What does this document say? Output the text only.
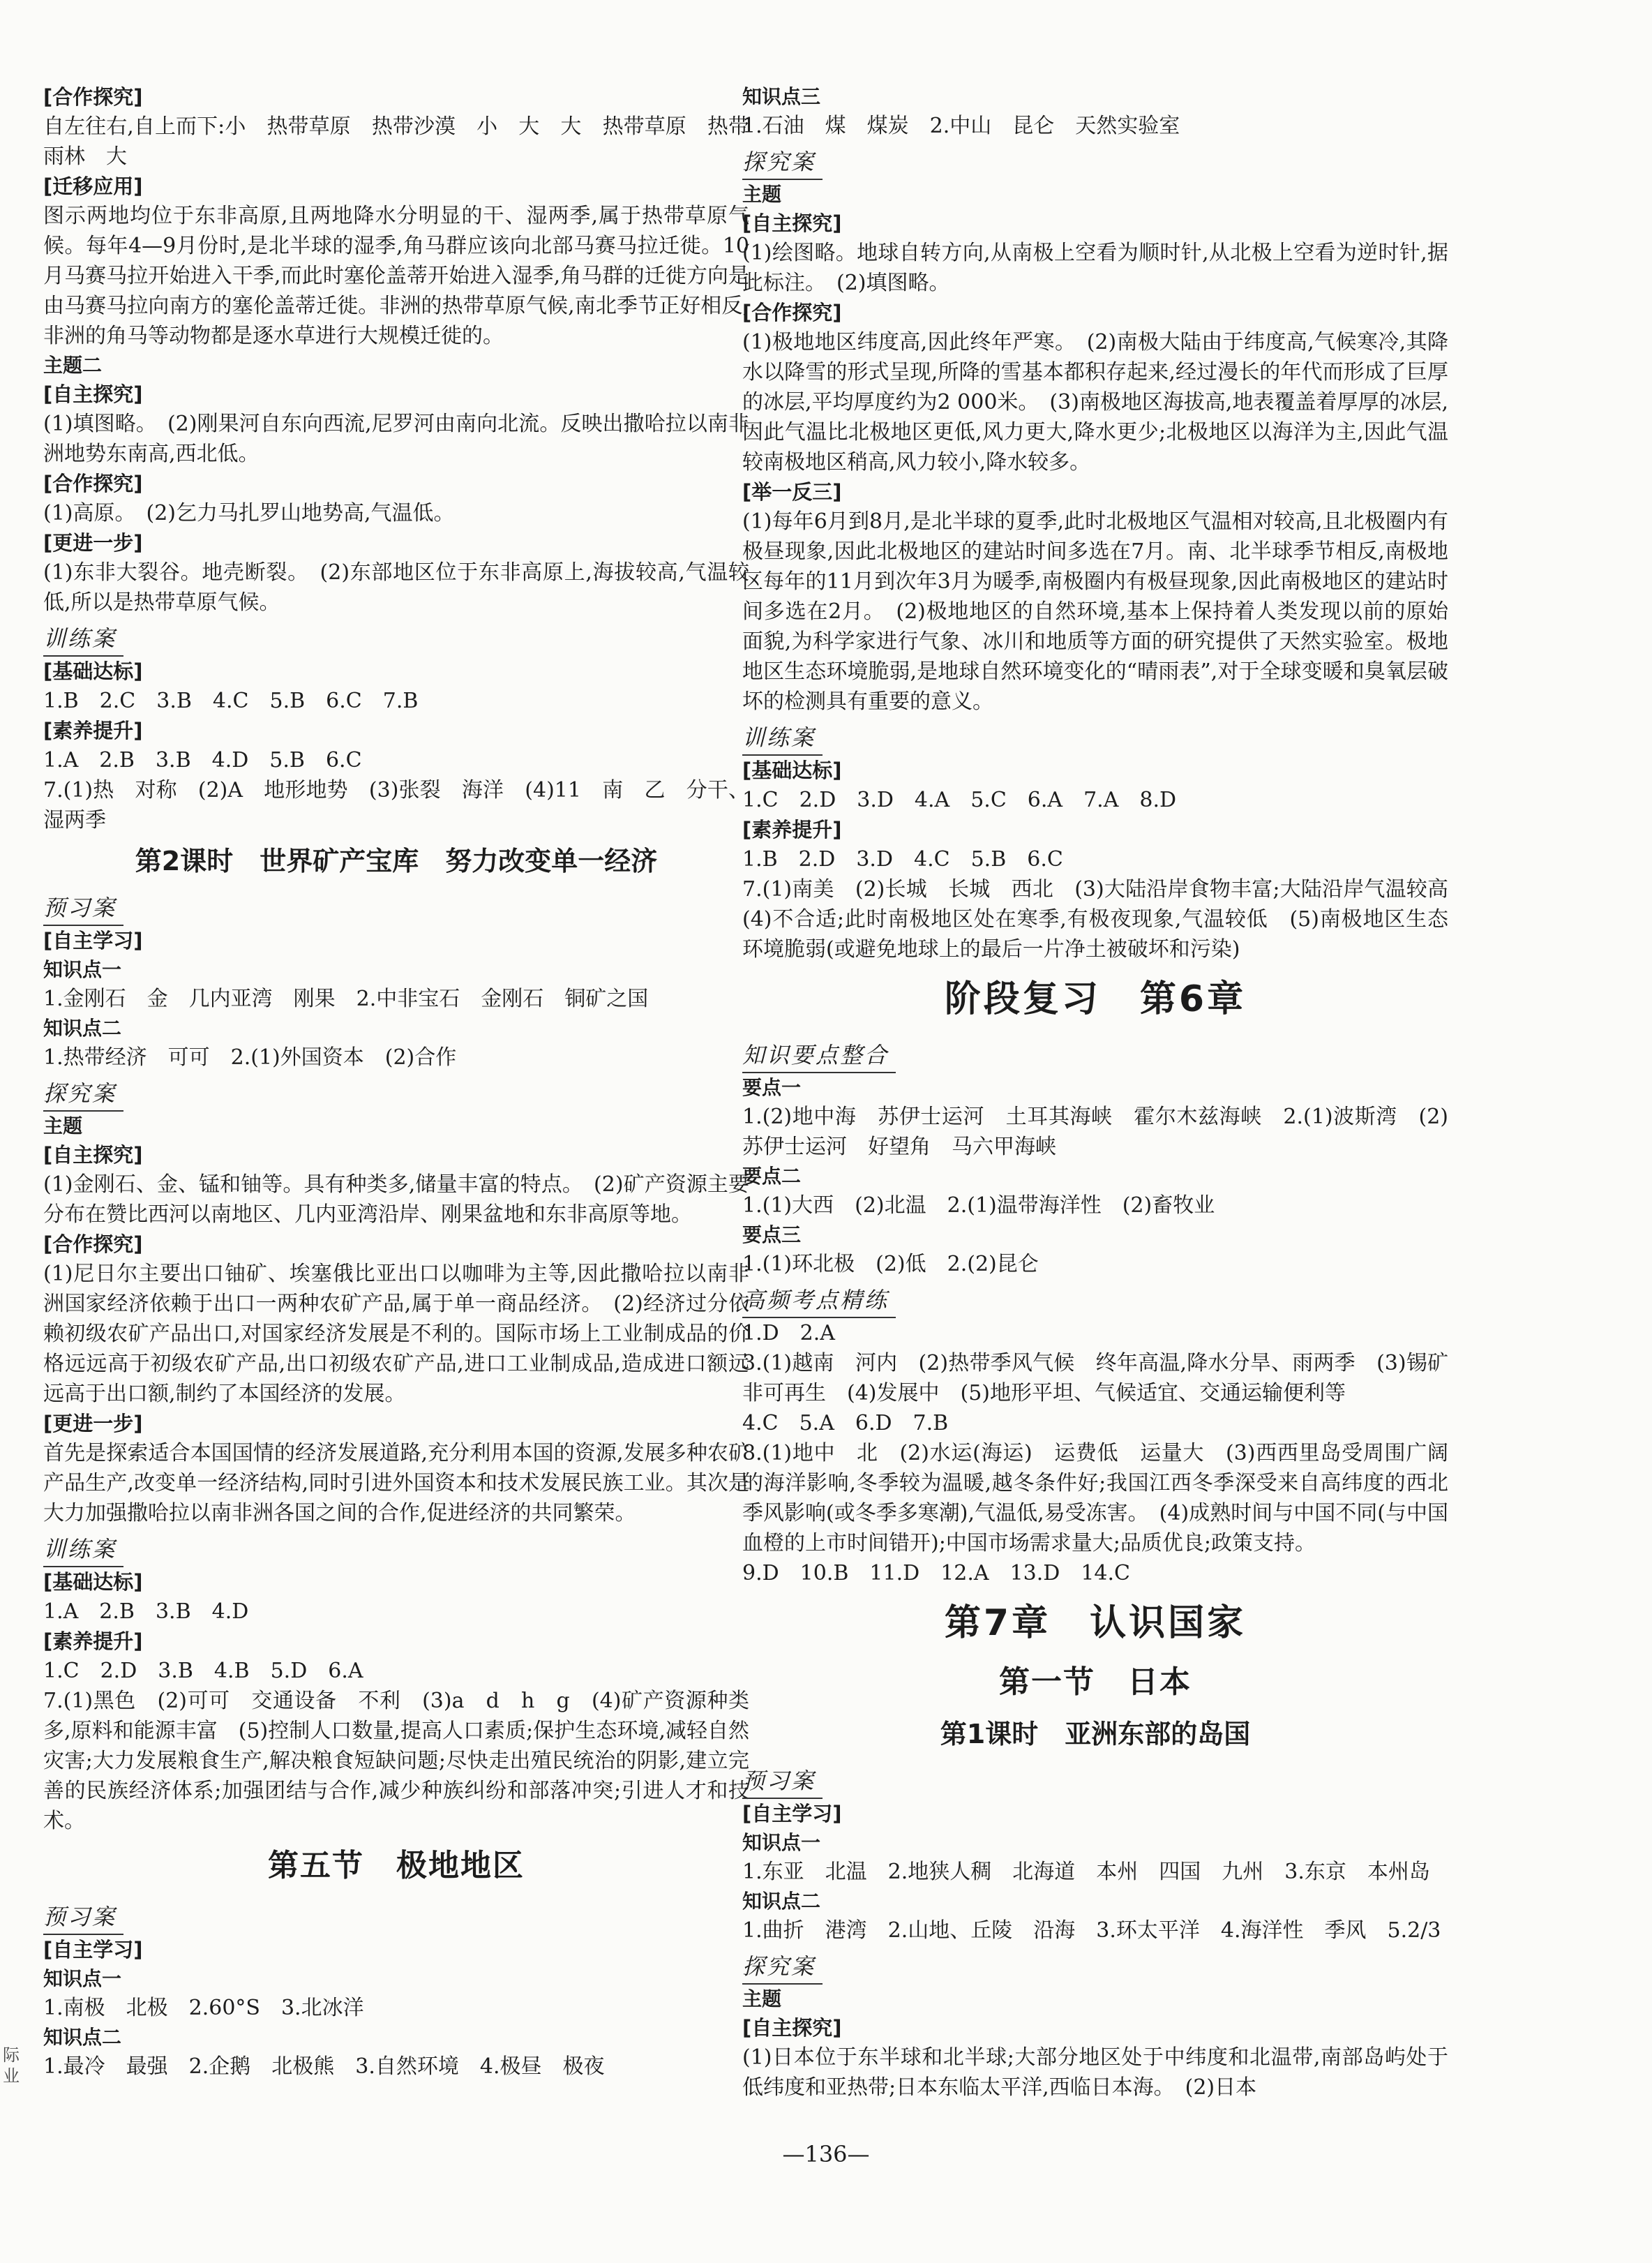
[合作探究]
自左往右,自上而下:小　热带草原　热带沙漠　小　大　大　热带草原　热带雨林　大
[迁移应用]
图示两地均位于东非高原,且两地降水分明显的干、湿两季,属于热带草原气候。每年4—9月份时,是北半球的湿季,角马群应该向北部马赛马拉迁徙。10月马赛马拉开始进入干季,而此时塞伦盖蒂开始进入湿季,角马群的迁徙方向是由马赛马拉向南方的塞伦盖蒂迁徙。非洲的热带草原气候,南北季节正好相反,非洲的角马等动物都是逐水草进行大规模迁徙的。
主题二
[自主探究]
(1)填图略。　(2)刚果河自东向西流,尼罗河由南向北流。反映出撒哈拉以南非洲地势东南高,西北低。
[合作探究]
(1)高原。　(2)乞力马扎罗山地势高,气温低。
[更进一步]
(1)东非大裂谷。地壳断裂。　(2)东部地区位于东非高原上,海拔较高,气温较低,所以是热带草原气候。
训练案
[基础达标]
1.B　2.C　3.B　4.C　5.B　6.C　7.B
[素养提升]
1.A　2.B　3.B　4.D　5.B　6.C
7.(1)热　对称　(2)A　地形地势　(3)张裂　海洋　(4)11　南　乙　分干、湿两季
第2课时　世界矿产宝库　努力改变单一经济
预习案
[自主学习]
知识点一
1.金刚石　金　几内亚湾　刚果　2.中非宝石　金刚石　铜矿之国
知识点二
1.热带经济　可可　2.(1)外国资本　(2)合作
探究案
主题
[自主探究]
(1)金刚石、金、锰和铀等。具有种类多,储量丰富的特点。　(2)矿产资源主要分布在赞比西河以南地区、几内亚湾沿岸、刚果盆地和东非高原等地。
[合作探究]
(1)尼日尔主要出口铀矿、埃塞俄比亚出口以咖啡为主等,因此撒哈拉以南非洲国家经济依赖于出口一两种农矿产品,属于单一商品经济。　(2)经济过分依赖初级农矿产品出口,对国家经济发展是不利的。国际市场上工业制成品的价格远远高于初级农矿产品,出口初级农矿产品,进口工业制成品,造成进口额远远高于出口额,制约了本国经济的发展。
[更进一步]
首先是探索适合本国国情的经济发展道路,充分利用本国的资源,发展多种农矿产品生产,改变单一经济结构,同时引进外国资本和技术发展民族工业。其次是大力加强撒哈拉以南非洲各国之间的合作,促进经济的共同繁荣。
训练案
[基础达标]
1.A　2.B　3.B　4.D
[素养提升]
1.C　2.D　3.B　4.B　5.D　6.A
7.(1)黑色　(2)可可　交通设备　不利　(3)a　d　h　g　(4)矿产资源种类多,原料和能源丰富　(5)控制人口数量,提高人口素质;保护生态环境,减轻自然灾害;大力发展粮食生产,解决粮食短缺问题;尽快走出殖民统治的阴影,建立完善的民族经济体系;加强团结与合作,减少种族纠纷和部落冲突;引进人才和技术。
第五节　极地地区
预习案
[自主学习]
知识点一
1.南极　北极　2.60°S　3.北冰洋
知识点二
1.最冷　最强　2.企鹅　北极熊　3.自然环境　4.极昼　极夜
知识点三
1.石油　煤　煤炭　2.中山　昆仑　天然实验室
探究案
主题
[自主探究]
(1)绘图略。地球自转方向,从南极上空看为顺时针,从北极上空看为逆时针,据此标注。　(2)填图略。
[合作探究]
(1)极地地区纬度高,因此终年严寒。　(2)南极大陆由于纬度高,气候寒冷,其降水以降雪的形式呈现,所降的雪基本都积存起来,经过漫长的年代而形成了巨厚的冰层,平均厚度约为2 000米。　(3)南极地区海拔高,地表覆盖着厚厚的冰层,因此气温比北极地区更低,风力更大,降水更少;北极地区以海洋为主,因此气温较南极地区稍高,风力较小,降水较多。
[举一反三]
(1)每年6月到8月,是北半球的夏季,此时北极地区气温相对较高,且北极圈内有极昼现象,因此北极地区的建站时间多选在7月。南、北半球季节相反,南极地区每年的11月到次年3月为暖季,南极圈内有极昼现象,因此南极地区的建站时间多选在2月。　(2)极地地区的自然环境,基本上保持着人类发现以前的原始面貌,为科学家进行气象、冰川和地质等方面的研究提供了天然实验室。极地地区生态环境脆弱,是地球自然环境变化的“晴雨表”,对于全球变暖和臭氧层破坏的检测具有重要的意义。
训练案
[基础达标]
1.C　2.D　3.D　4.A　5.C　6.A　7.A　8.D
[素养提升]
1.B　2.D　3.D　4.C　5.B　6.C
7.(1)南美　(2)长城　长城　西北　(3)大陆沿岸食物丰富;大陆沿岸气温较高　(4)不合适;此时南极地区处在寒季,有极夜现象,气温较低　(5)南极地区生态环境脆弱(或避免地球上的最后一片净土被破坏和污染)
阶段复习　第6章
知识要点整合
要点一
1.(2)地中海　苏伊士运河　土耳其海峡　霍尔木兹海峡　2.(1)波斯湾　(2)苏伊士运河　好望角　马六甲海峡
要点二
1.(1)大西　(2)北温　2.(1)温带海洋性　(2)畜牧业
要点三
1.(1)环北极　(2)低　2.(2)昆仑
高频考点精练
1.D　2.A
3.(1)越南　河内　(2)热带季风气候　终年高温,降水分旱、雨两季　(3)锡矿　非可再生　(4)发展中　(5)地形平坦、气候适宜、交通运输便利等
4.C　5.A　6.D　7.B
8.(1)地中　北　(2)水运(海运)　运费低　运量大　(3)西西里岛受周围广阔的海洋影响,冬季较为温暖,越冬条件好;我国江西冬季深受来自高纬度的西北季风影响(或冬季多寒潮),气温低,易受冻害。　(4)成熟时间与中国不同(与中国血橙的上市时间错开);中国市场需求量大;品质优良;政策支持。
9.D　10.B　11.D　12.A　13.D　14.C
第7章　认识国家
第一节　日本
第1课时　亚洲东部的岛国
预习案
[自主学习]
知识点一
1.东亚　北温　2.地狭人稠　北海道　本州　四国　九州　3.东京　本州岛
知识点二
1.曲折　港湾　2.山地、丘陵　沿海　3.环太平洋　4.海洋性　季风　5.2/3
探究案
主题
[自主探究]
(1)日本位于东半球和北半球;大部分地区处于中纬度和北温带,南部岛屿处于低纬度和亚热带;日本东临太平洋,西临日本海。　(2)日本
—136—
际　业
